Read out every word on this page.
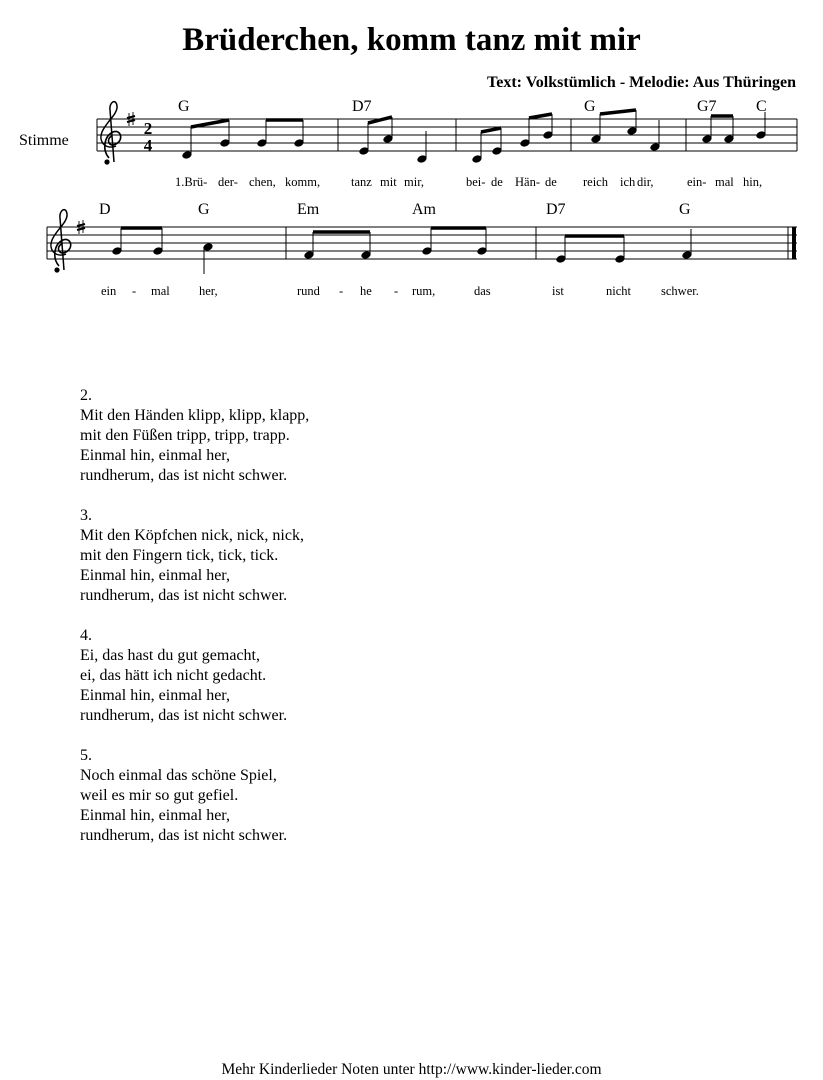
Brüderchen, komm tanz mit mir
Text: Volkstümlich - Melodie: Aus Thüringen
Stimme
G	D7	G	G7 C
D	G	Em	Am	D7	G
2
4
1.Brü- der- chen, komm, tanz mit mir,	bei- de Hän- de reich ich dir,	ein- mal hin,
ein - mal her,	rund - he - rum,	das	ist	nicht schwer.
2.
Mit den Händen klipp, klipp, klapp,
mit den Füßen tripp, tripp, trapp.
Einmal hin, einmal her,
rundherum, das ist nicht schwer.
3.
Mit den Köpfchen nick, nick, nick,
mit den Fingern tick, tick, tick.
Einmal hin, einmal her,
rundherum, das ist nicht schwer.
4.
Ei, das hast du gut gemacht,
ei, das hätt ich nicht gedacht.
Einmal hin, einmal her,
rundherum, das ist nicht schwer.
5.
Noch einmal das schöne Spiel,
weil es mir so gut gefiel.
Einmal hin, einmal her,
rundherum, das ist nicht schwer.
Mehr Kinderlieder Noten unter http://www.kinder-lieder.com
